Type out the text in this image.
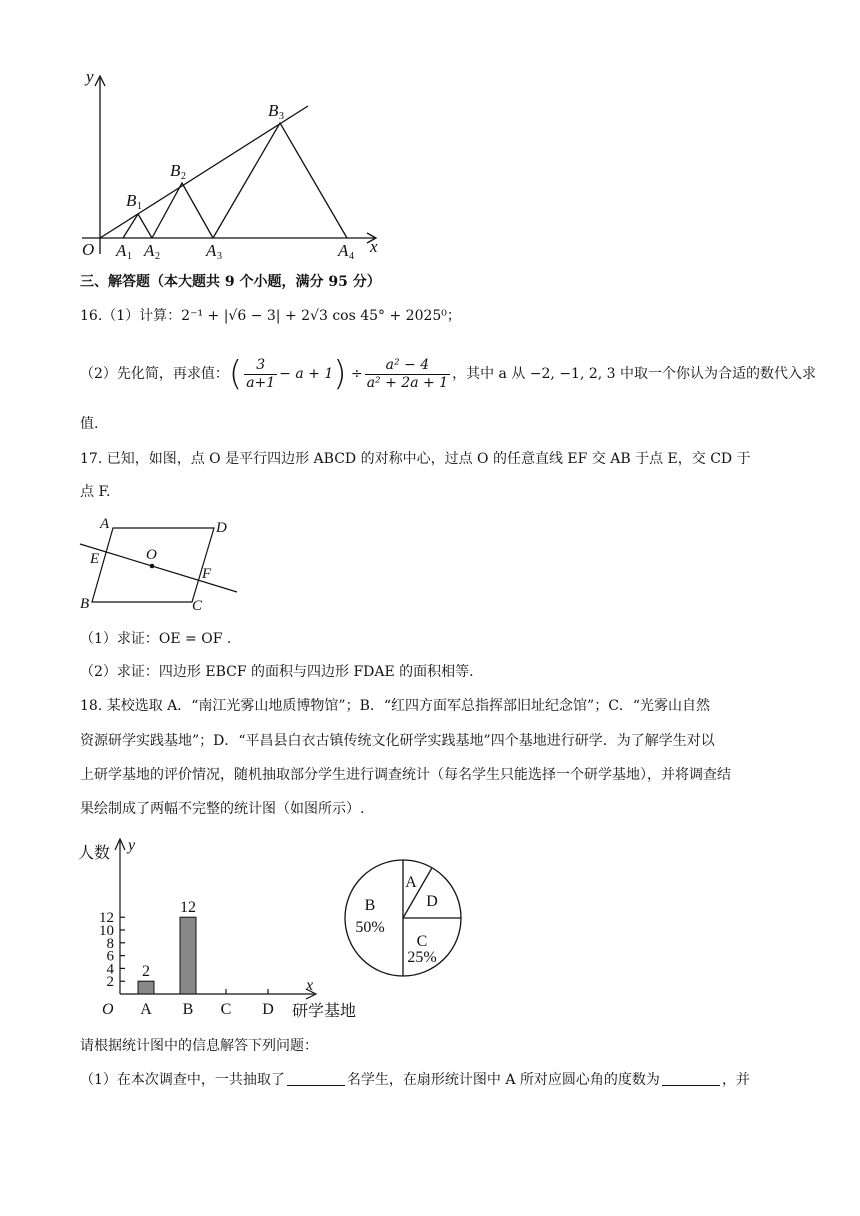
y
x
O A A	A	A
B
B
B
1 2	3	4
1
2
3
三、解答题（本大题共 9 个小题，满分 95 分）
16.（1）计算：2⁻¹ + |√6 − 3| + 2√3 cos 45° + 2025⁰；
（2）先化简，再求值：( $\frac{3}{a+1} - a + 1) \div \frac{\text{a² − 4}}{\text{a² + 2a + 1}}$ ，其中 a 从 −2, −1, 2, 3 中取一个你认为合适的数代入求
值.
17. 已知，如图，点 O 是平行四边形 ABCD 的对称中心，过点 O 的任意直线 EF 交 AB 于点 E，交 CD 于
点 F.
A	D
E	O
F
B	C
（1）求证：OE = OF .
（2）求证：四边形 EBCF 的面积与四边形 FDAE 的面积相等.
18. 某校选取 A．“南江光雾山地质博物馆”；B．“红四方面军总指挥部旧址纪念馆”；C．“光雾山自然
资源研学实践基地”；D．“平昌县白衣古镇传统文化研学实践基地”四个基地进行研学．为了解学生对以
上研学基地的评价情况，随机抽取部分学生进行调查统计（每名学生只能选择一个研学基地），并将调查结
果绘制成了两幅不完整的统计图（如图所示）.
人数 y
x
O	研学基地
2
4
6
8
10
12
A
2
B
12
C D
B
50%
C
25%
D
A
请根据统计图中的信息解答下列问题：
（1）在本次调查中，一共抽取了	名学生，在扇形统计图中 A 所对应圆心角的度数为	，并
